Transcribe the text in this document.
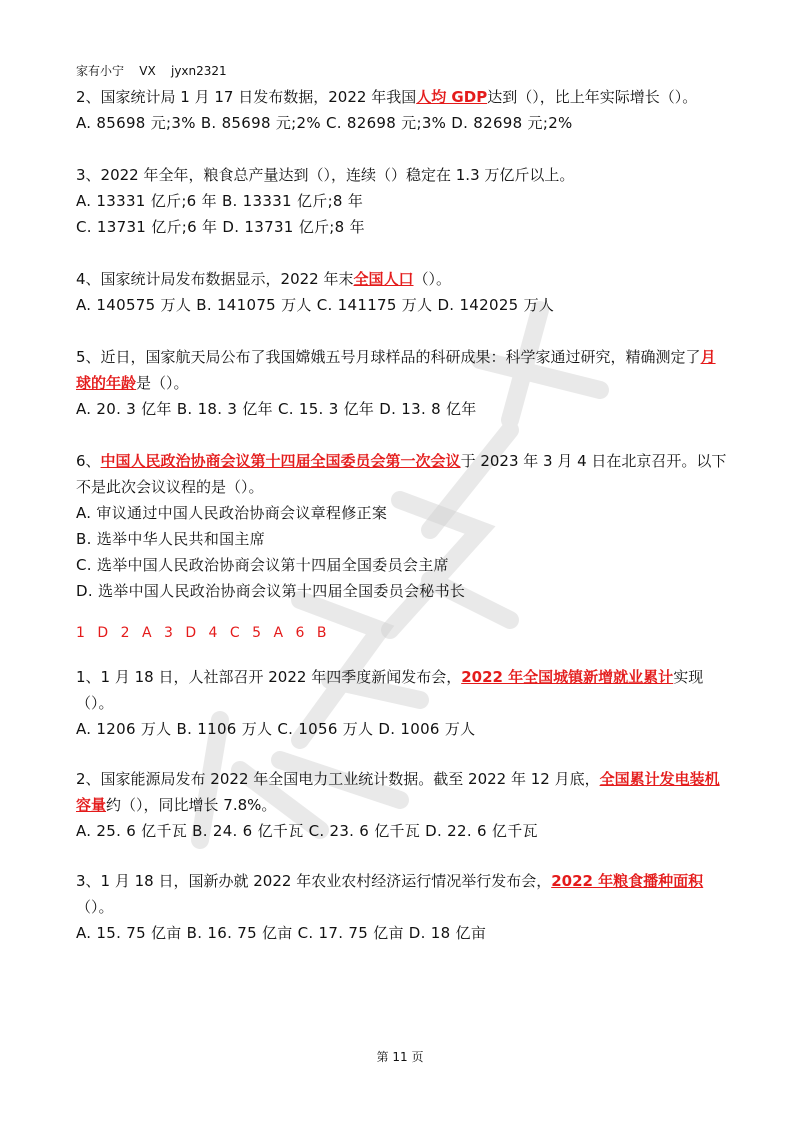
家有小宁 VX jyxn2321

2、国家统计局 1 月 17 日发布数据，2022 年我国人均 GDP达到（），比上年实际增长（）。

A. 85698 元;3% B. 85698 元;2% C. 82698 元;3% D. 82698 元;2%

3、2022 年全年，粮食总产量达到（），连续（）稳定在 1.3 万亿斤以上。

A. 13331 亿斤;6 年 B. 13331 亿斤;8 年

C. 13731 亿斤;6 年 D. 13731 亿斤;8 年

4、国家统计局发布数据显示，2022 年末全国人口（）。

A. 140575 万人 B. 141075 万人 C. 141175 万人 D. 142025 万人

5、近日，国家航天局公布了我国嫦娥五号月球样品的科研成果：科学家通过研究，精确测定了月球的年龄是（）。

A. 20. 3 亿年 B. 18. 3 亿年 C. 15. 3 亿年 D. 13. 8 亿年

6、中国人民政治协商会议第十四届全国委员会第一次会议于 2023 年 3 月 4 日在北京召开。以下不是此次会议议程的是（）。

A. 审议通过中国人民政治协商会议章程修正案

B. 选举中华人民共和国主席

C. 选举中国人民政治协商会议第十四届全国委员会主席

D. 选举中国人民政治协商会议第十四届全国委员会秘书长

1 D 2 A 3 D 4 C 5 A 6 B

1、1 月 18 日，人社部召开 2022 年四季度新闻发布会，2022 年全国城镇新增就业累计实现（）。

A. 1206 万人 B. 1106 万人 C. 1056 万人 D. 1006 万人

2、国家能源局发布 2022 年全国电力工业统计数据。截至 2022 年 12 月底，全国累计发电装机容量约（），同比增长 7.8%。

A. 25. 6 亿千瓦 B. 24. 6 亿千瓦 C. 23. 6 亿千瓦 D. 22. 6 亿千瓦

3、1 月 18 日，国新办就 2022 年农业农村经济运行情况举行发布会，2022 年粮食播种面积（）。

A. 15. 75 亿亩 B. 16. 75 亿亩 C. 17. 75 亿亩 D. 18 亿亩

第 11 页
